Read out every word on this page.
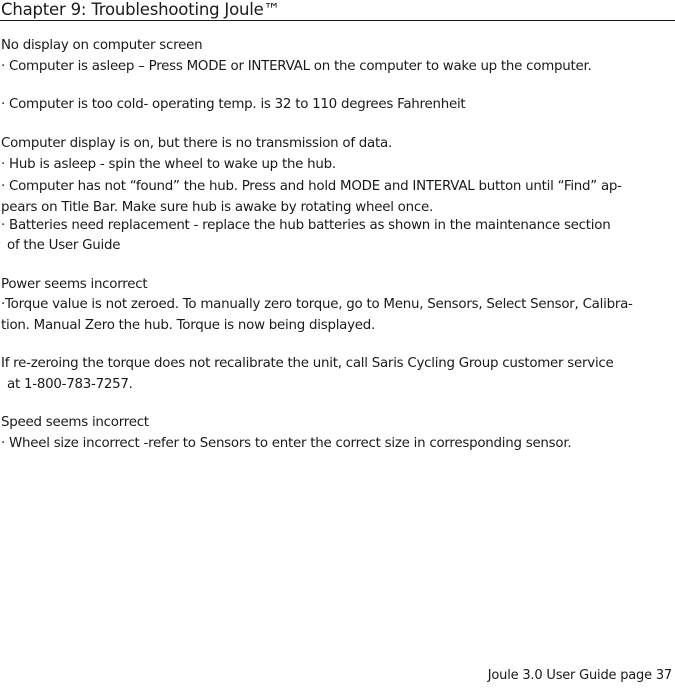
Chapter 9: Troubleshooting Joule™
No display on computer screen
· Computer is asleep – Press MODE or INTERVAL on the computer to wake up the computer.
· Computer is too cold- operating temp. is 32 to 110 degrees Fahrenheit
Computer display is on, but there is no transmission of data.
· Hub is asleep - spin the wheel to wake up the hub.
· Computer has not “found” the hub. Press and hold MODE and INTERVAL button until “Find” ap-
pears on Title Bar. Make sure hub is awake by rotating wheel once.
· Batteries need replacement - replace the hub batteries as shown in the maintenance section
of the User Guide
Power seems incorrect
·Torque value is not zeroed. To manually zero torque, go to Menu, Sensors, Select Sensor, Calibra-
tion. Manual Zero the hub. Torque is now being displayed.
If re-zeroing the torque does not recalibrate the unit, call Saris Cycling Group customer service
at 1-800-783-7257.
Speed seems incorrect
· Wheel size incorrect -refer to Sensors to enter the correct size in corresponding sensor.
Joule 3.0 User Guide page 37
